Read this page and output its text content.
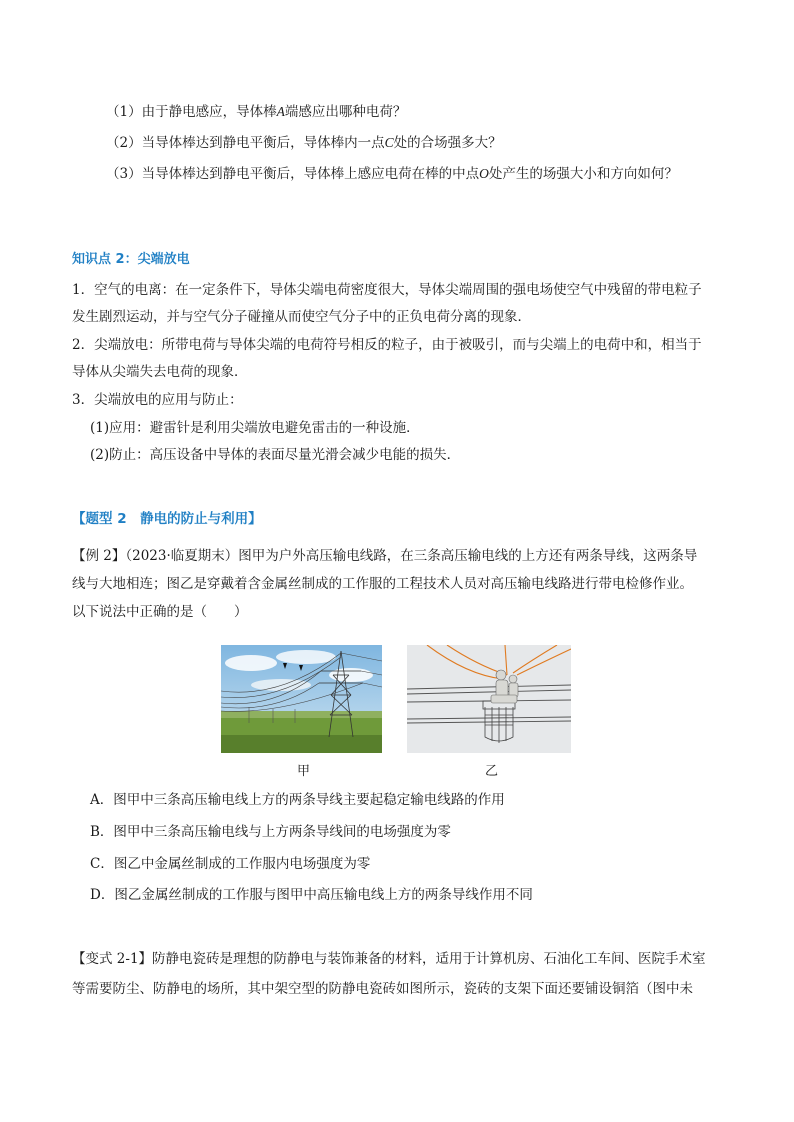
（1）由于静电感应，导体棒A端感应出哪种电荷？
（2）当导体棒达到静电平衡后，导体棒内一点C处的合场强多大？
（3）当导体棒达到静电平衡后，导体棒上感应电荷在棒的中点O处产生的场强大小和方向如何？
知识点 2：尖端放电
1．空气的电离：在一定条件下，导体尖端电荷密度很大，导体尖端周围的强电场使空气中残留的带电粒子
发生剧烈运动，并与空气分子碰撞从而使空气分子中的正负电荷分离的现象．
2．尖端放电：所带电荷与导体尖端的电荷符号相反的粒子，由于被吸引，而与尖端上的电荷中和，相当于
导体从尖端失去电荷的现象．
3．尖端放电的应用与防止：
(1)应用：避雷针是利用尖端放电避免雷击的一种设施．
(2)防止：高压设备中导体的表面尽量光滑会减少电能的损失．
【题型 2　静电的防止与利用】
【例 2】（2023·临夏期末）图甲为户外高压输电线路，在三条高压输电线的上方还有两条导线，这两条导
线与大地相连；图乙是穿戴着含金属丝制成的工作服的工程技术人员对高压输电线路进行带电检修作业。
以下说法中正确的是（　　）
甲	乙
A．图甲中三条高压输电线上方的两条导线主要起稳定输电线路的作用
B．图甲中三条高压输电线与上方两条导线间的电场强度为零
C．图乙中金属丝制成的工作服内电场强度为零
D．图乙金属丝制成的工作服与图甲中高压输电线上方的两条导线作用不同
【变式 2-1】防静电瓷砖是理想的防静电与装饰兼备的材料，适用于计算机房、石油化工车间、医院手术室
等需要防尘、防静电的场所，其中架空型的防静电瓷砖如图所示，瓷砖的支架下面还要铺设铜箔（图中未
